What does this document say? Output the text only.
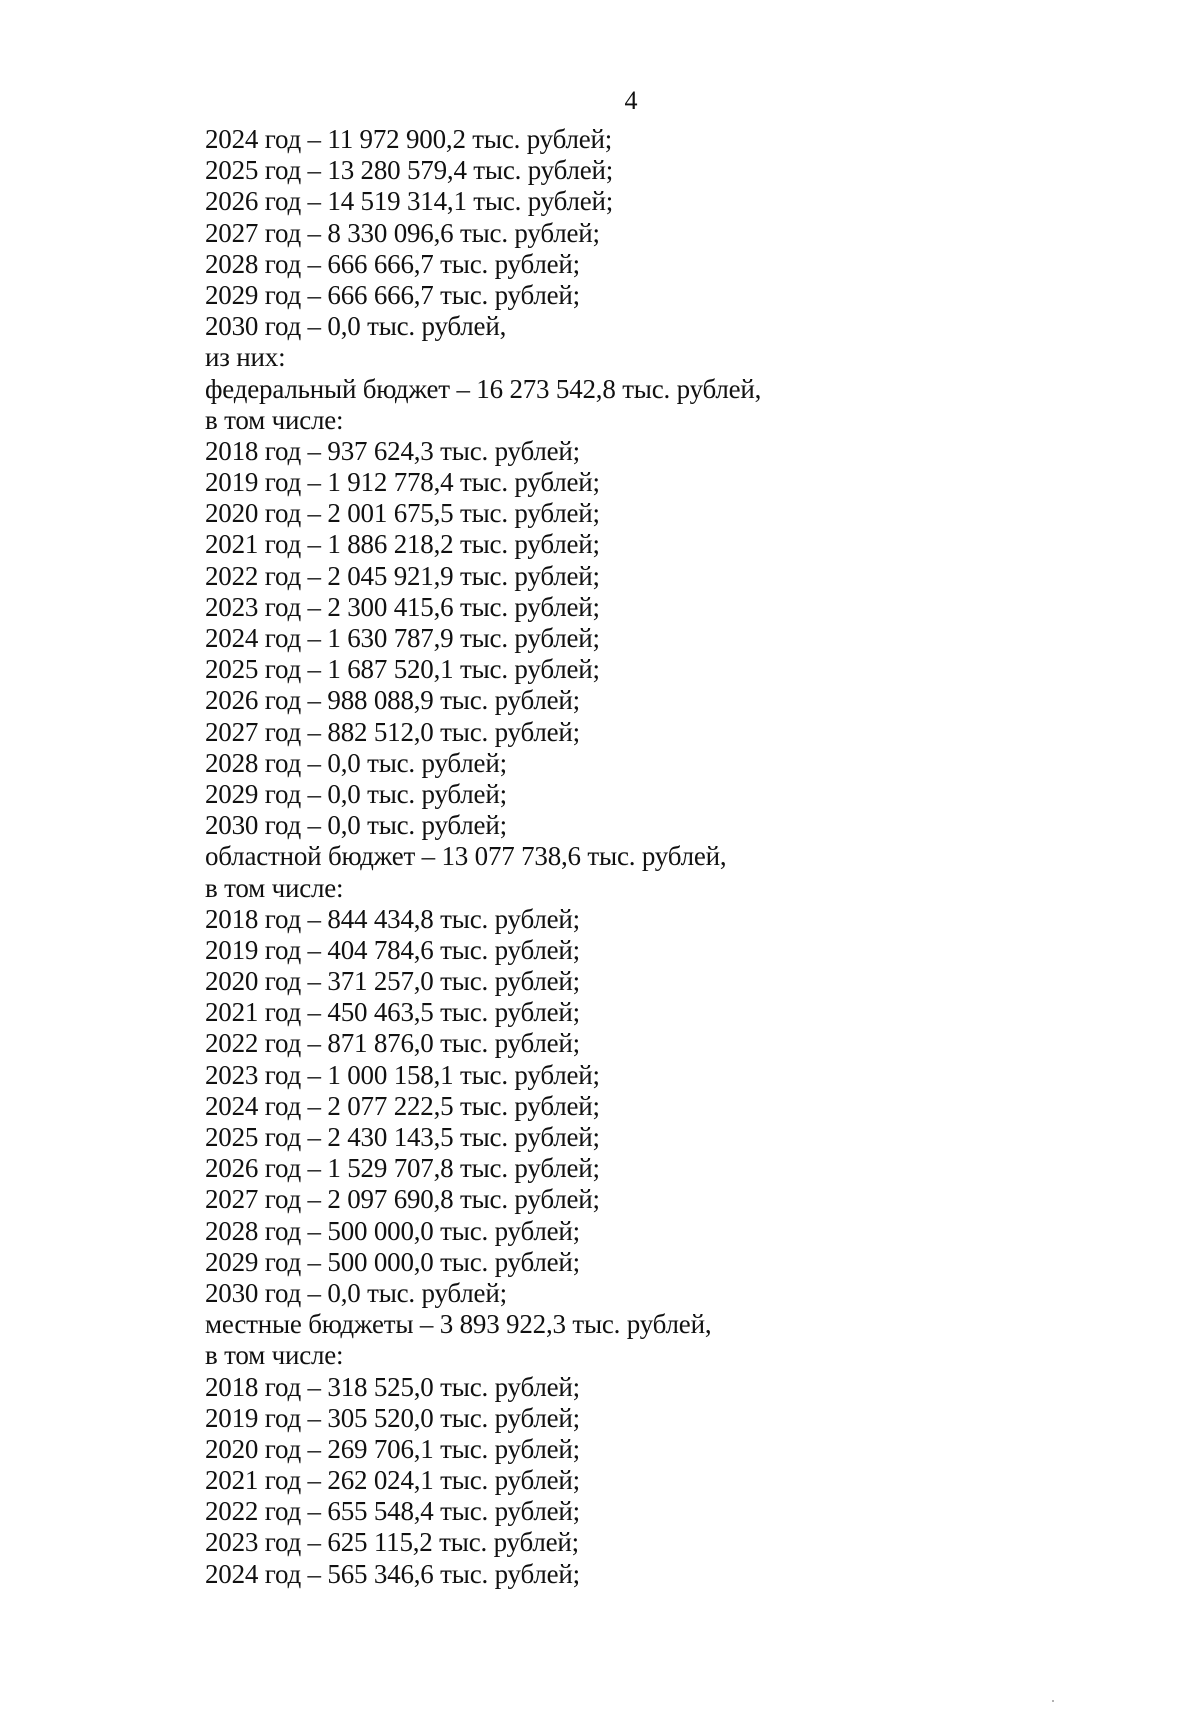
4
2024 год – 11 972 900,2 тыс. рублей;
2025 год – 13 280 579,4 тыс. рублей;
2026 год – 14 519 314,1 тыс. рублей;
2027 год – 8 330 096,6 тыс. рублей;
2028 год – 666 666,7 тыс. рублей;
2029 год – 666 666,7 тыс. рублей;
2030 год – 0,0 тыс. рублей,
из них:
федеральный бюджет – 16 273 542,8 тыс. рублей,
в том числе:
2018 год – 937 624,3 тыс. рублей;
2019 год – 1 912 778,4 тыс. рублей;
2020 год – 2 001 675,5 тыс. рублей;
2021 год – 1 886 218,2 тыс. рублей;
2022 год – 2 045 921,9 тыс. рублей;
2023 год – 2 300 415,6 тыс. рублей;
2024 год – 1 630 787,9 тыс. рублей;
2025 год – 1 687 520,1 тыс. рублей;
2026 год – 988 088,9 тыс. рублей;
2027 год – 882 512,0 тыс. рублей;
2028 год – 0,0 тыс. рублей;
2029 год – 0,0 тыс. рублей;
2030 год – 0,0 тыс. рублей;
областной бюджет – 13 077 738,6 тыс. рублей,
в том числе:
2018 год – 844 434,8 тыс. рублей;
2019 год – 404 784,6 тыс. рублей;
2020 год – 371 257,0 тыс. рублей;
2021 год – 450 463,5 тыс. рублей;
2022 год – 871 876,0 тыс. рублей;
2023 год – 1 000 158,1 тыс. рублей;
2024 год – 2 077 222,5 тыс. рублей;
2025 год – 2 430 143,5 тыс. рублей;
2026 год – 1 529 707,8 тыс. рублей;
2027 год – 2 097 690,8 тыс. рублей;
2028 год – 500 000,0 тыс. рублей;
2029 год – 500 000,0 тыс. рублей;
2030 год – 0,0 тыс. рублей;
местные бюджеты – 3 893 922,3 тыс. рублей,
в том числе:
2018 год – 318 525,0 тыс. рублей;
2019 год – 305 520,0 тыс. рублей;
2020 год – 269 706,1 тыс. рублей;
2021 год – 262 024,1 тыс. рублей;
2022 год – 655 548,4 тыс. рублей;
2023 год – 625 115,2 тыс. рублей;
2024 год – 565 346,6 тыс. рублей;
